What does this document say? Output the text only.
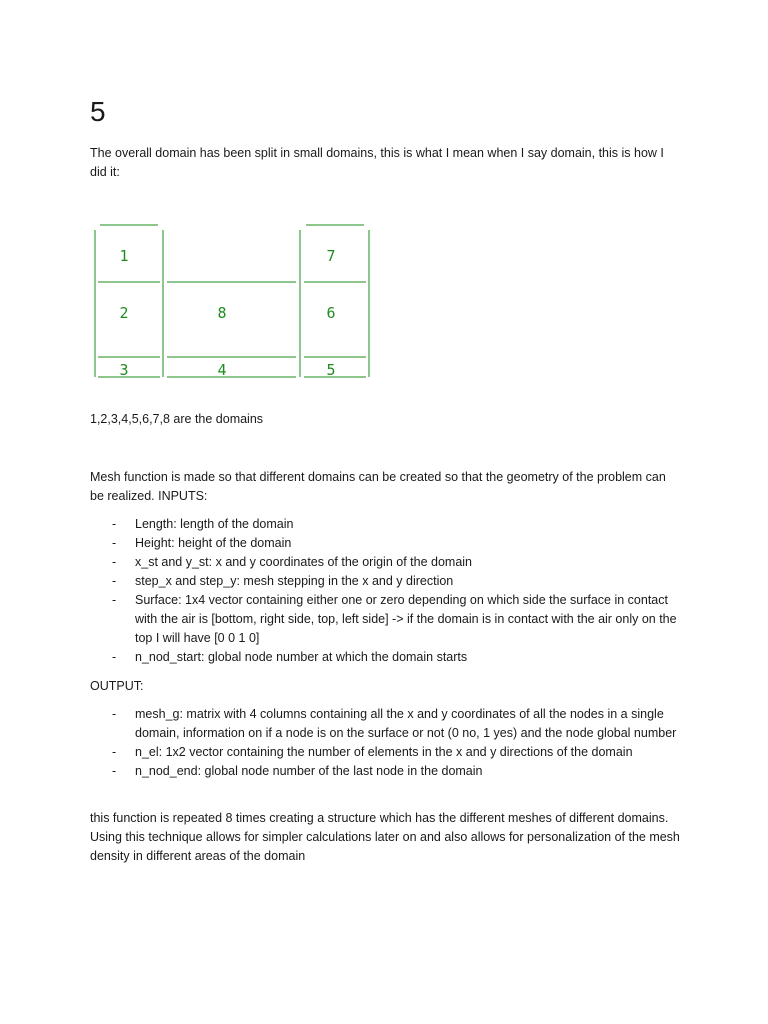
5
The overall domain has been split in small domains, this is what I mean when I say domain, this is how I did it:
1,2,3,4,5,6,7,8 are the domains
Mesh function is made so that different domains can be created so that the geometry of the problem can be realized. INPUTS:
- Length: length of the domain
- Height: height of the domain
- x_st and y_st: x and y coordinates of the origin of the domain
- step_x and step_y: mesh stepping in the x and y direction
- Surface: 1x4 vector containing either one or zero depending on which side the surface in contact with the air is [bottom, right side, top, left side] -> if the domain is in contact with the air only on the top I will have [0 0 1 0]
- n_nod_start: global node number at which the domain starts
OUTPUT:
- mesh_g: matrix with 4 columns containing all the x and y coordinates of all the nodes in a single domain, information on if a node is on the surface or not (0 no, 1 yes) and the node global number
- n_el: 1x2 vector containing the number of elements in the x and y directions of the domain
- n_nod_end: global node number of the last node in the domain
this function is repeated 8 times creating a structure which has the different meshes of different domains. Using this technique allows for simpler calculations later on and also allows for personalization of the mesh density in different areas of the domain
1	7
2	8	6
3	4	5
